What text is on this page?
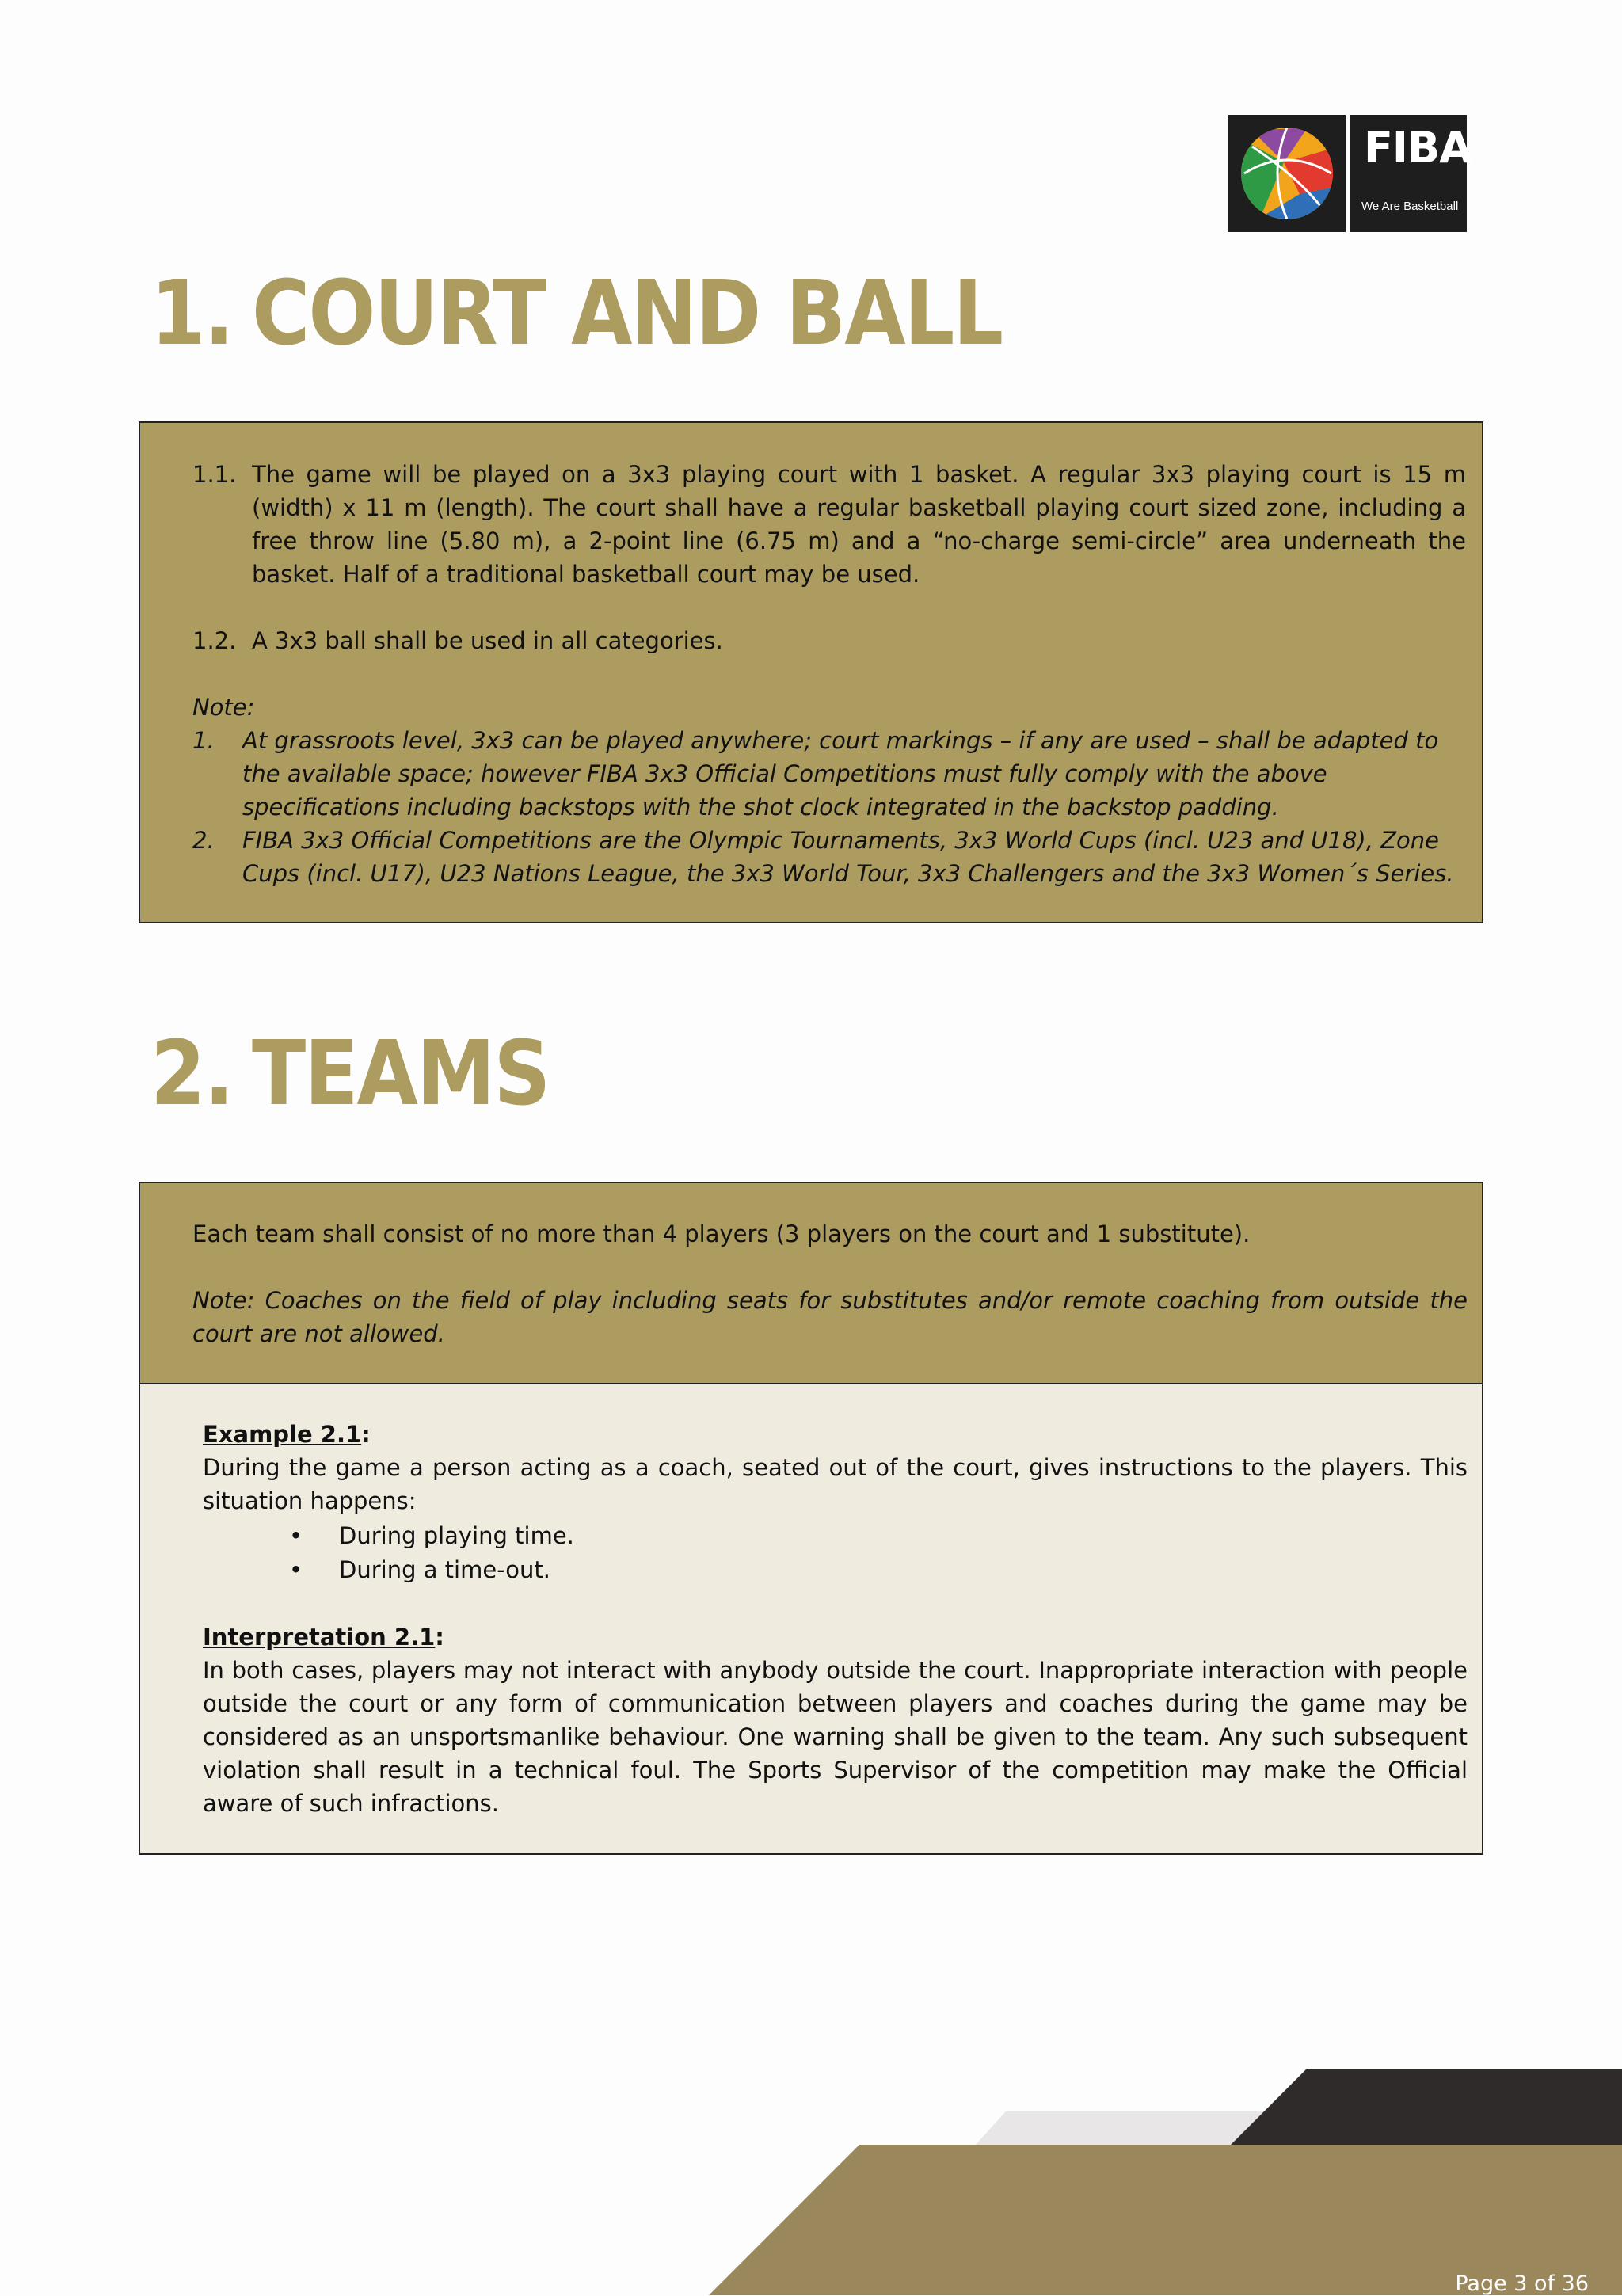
FIBA
We Are Basketball
1. COURT AND BALL
1.1. The game will be played on a 3x3 playing court with 1 basket. A regular 3x3 playing court is 15 m (width) x 11 m (length). The court shall have a regular basketball playing court sized zone, including a free throw line (5.80 m), a 2-point line (6.75 m) and a “no-charge semi-circle” area underneath the basket. Half of a traditional basketball court may be used.
1.2. A 3x3 ball shall be used in all categories.
Note:
1. At grassroots level, 3x3 can be played anywhere; court markings – if any are used – shall be adapted to the available space; however FIBA 3x3 Official Competitions must fully comply with the above specifications including backstops with the shot clock integrated in the backstop padding.
2. FIBA 3x3 Official Competitions are the Olympic Tournaments, 3x3 World Cups (incl. U23 and U18), Zone Cups (incl. U17), U23 Nations League, the 3x3 World Tour, 3x3 Challengers and the 3x3 Women´s Series.
2. TEAMS
Each team shall consist of no more than 4 players (3 players on the court and 1 substitute).
Note: Coaches on the field of play including seats for substitutes and/or remote coaching from outside the court are not allowed.
Example 2.1:
During the game a person acting as a coach, seated out of the court, gives instructions to the players. This situation happens:
• During playing time.
• During a time-out.
Interpretation 2.1:
In both cases, players may not interact with anybody outside the court. Inappropriate interaction with people outside the court or any form of communication between players and coaches during the game may be considered as an unsportsmanlike behaviour. One warning shall be given to the team. Any such subsequent violation shall result in a technical foul. The Sports Supervisor of the competition may make the Official aware of such infractions.
Page 3 of 36
